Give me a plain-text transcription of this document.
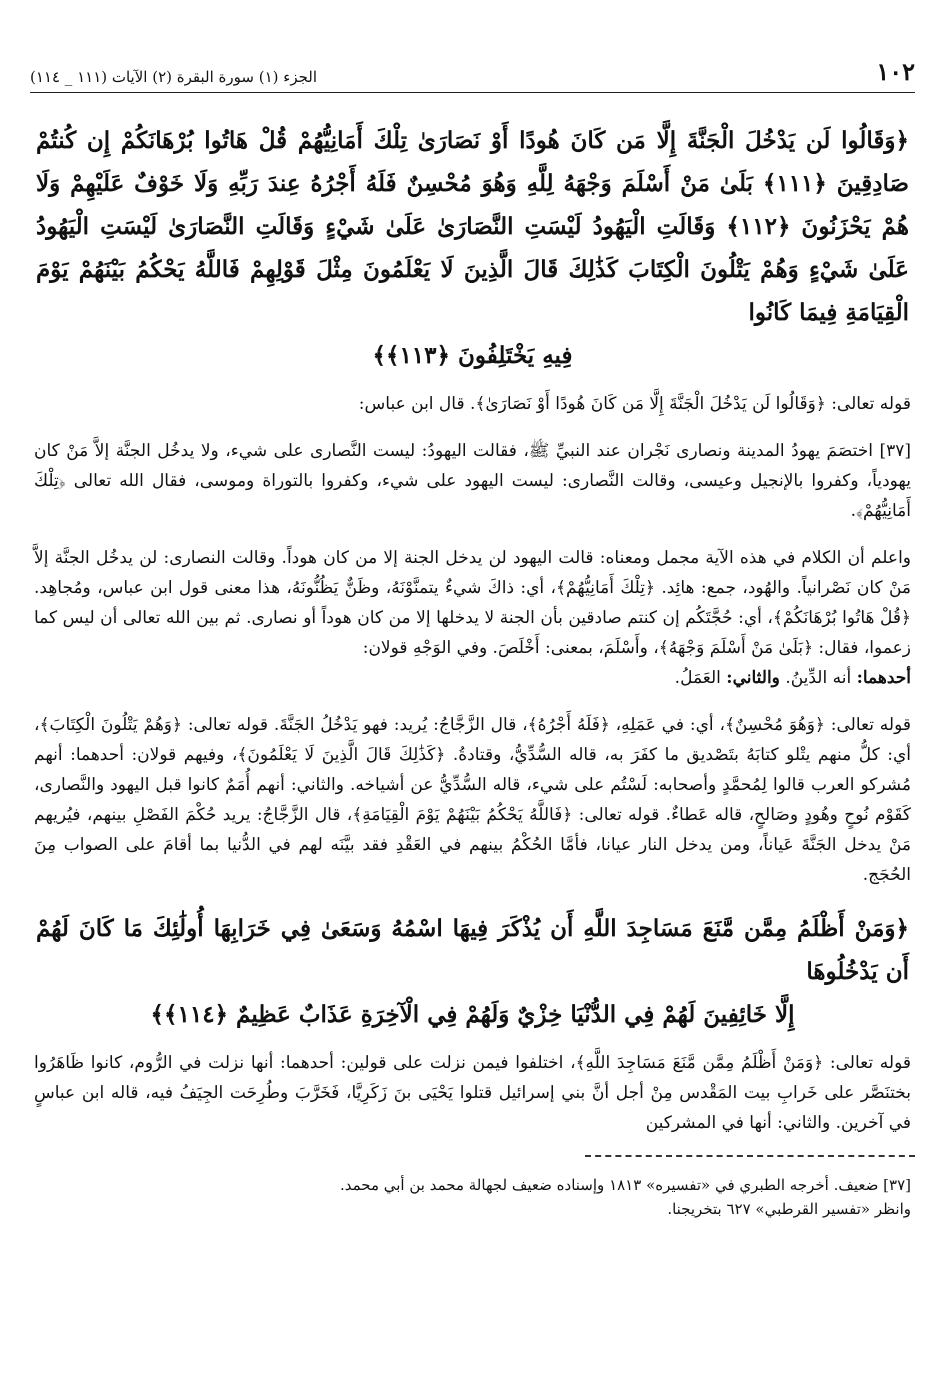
١٠٢
الجزء (١) سورة البقرة (٢) الآيات (١١١ _ ١١٤)
﴿وَقَالُوا لَن يَدْخُلَ الْجَنَّةَ إِلَّا مَن كَانَ هُودًا أَوْ نَصَارَىٰ تِلْكَ أَمَانِيُّهُمْ قُلْ هَاتُوا بُرْهَانَكُمْ إِن كُنتُمْ صَادِقِينَ ﴿١١١﴾ بَلَىٰ مَنْ أَسْلَمَ وَجْهَهُ لِلَّهِ وَهُوَ مُحْسِنٌ فَلَهُ أَجْرُهُ عِندَ رَبِّهِ وَلَا خَوْفٌ عَلَيْهِمْ وَلَا هُمْ يَحْزَنُونَ ﴿١١٢﴾ وَقَالَتِ الْيَهُودُ لَيْسَتِ النَّصَارَىٰ عَلَىٰ شَيْءٍ وَقَالَتِ النَّصَارَىٰ لَيْسَتِ الْيَهُودُ عَلَىٰ شَيْءٍ وَهُمْ يَتْلُونَ الْكِتَابَ كَذَٰلِكَ قَالَ الَّذِينَ لَا يَعْلَمُونَ مِثْلَ قَوْلِهِمْ فَاللَّهُ يَحْكُمُ بَيْنَهُمْ يَوْمَ الْقِيَامَةِ فِيمَا كَانُوا
فِيهِ يَخْتَلِفُونَ ﴿١١٣﴾﴾

قوله تعالى: ﴿وَقَالُوا لَن يَدْخُلَ الْجَنَّةَ إِلَّا مَن كَانَ هُودًا أَوْ نَصَارَىٰ﴾. قال ابن عباس:

[٣٧] اختصَمَ يهودُ المدينة ونصارى نَجْران عند النبيِّ ﷺ، فقالت اليهودُ: ليست النَّصارى على شيء، ولا يدخُل الجنَّة إلاَّ مَنْ كان يهودياً، وكفروا بالإنجيل وعيسى، وقالت النَّصارى: ليست اليهود على شيء، وكفروا بالتوراة وموسى، فقال الله تعالى ﴿تِلْكَ أَمَانِيُّهُمْ﴾.

واعلم أن الكلام في هذه الآية مجمل ومعناه: قالت اليهود لن يدخل الجنة إلا من كان هوداً. وقالت النصارى: لن يدخُل الجنَّة إلاَّ مَنْ كان نَصْرانياً. والهُود، جمع: هائِد. ﴿تِلْكَ أَمَانِيُّهُمْ﴾، أي: ذاكَ شيءٌ يتمنَّوْنَهُ، وظَنٌّ يَظُنُّونَهُ، هذا معنى قول ابن عباس، ومُجاهِد. ﴿قُلْ هَاتُوا بُرْهَانَكُمْ﴾، أي: حُجَّتَكُم إن كنتم صادقين بأن الجنة لا يدخلها إلا من كان هوداً أو نصارى. ثم بين الله تعالى أن ليس كما زعموا، فقال: ﴿بَلَىٰ مَنْ أَسْلَمَ وَجْهَهُ﴾، وأَسْلَمَ، بمعنى: أَخْلَصَ. وفي الوَجْهِ قولان:

أحدهما: أنه الدِّينُ. والثاني: العَمَلُ.

قوله تعالى: ﴿وَهُوَ مُحْسِنٌ﴾، أي: في عَمَلِهِ، ﴿فَلَهُ أَجْرُهُ﴾، قال الزَّجَّاجُ: يُريد: فهو يَدْخُلُ الجَنَّةَ. قوله تعالى: ﴿وَهُمْ يَتْلُونَ الْكِتَابَ﴾، أي: كلُّ منهم يتْلو كتابَهُ بتَصْديق ما كفَرَ به، قاله السُّدِّيُّ، وقتادةُ. ﴿كَذَٰلِكَ قَالَ الَّذِينَ لَا يَعْلَمُونَ﴾، وفيهم قولان: أحدهما: أنهم مُشركو العرب قالوا لِمُحمَّدٍ وأصحابه: لَسْتُم على شيء، قاله السُّدِّيُّ عن أشياخه. والثاني: أنهم أُمَمٌ كانوا قبل اليهود والنَّصارى، كَقَوْم نُوحٍ وهُودٍ وصَالحٍ، قاله عَطاءٌ. قوله تعالى: ﴿فَاللَّهُ يَحْكُمُ بَيْنَهُمْ يَوْمَ الْقِيَامَةِ﴾، قال الزَّجَّاجُ: يريد حُكْمَ الفَصْلِ بينهم، فيُريهم مَنْ يدخل الجَنَّةَ عَياناً، ومن يدخل النار عيانا، فأمَّا الحُكْمُ بينهم في العَقْدِ فقد بيَّنَه لهم في الدُّنيا بما أقامَ على الصواب مِنَ الحُجَج.

﴿وَمَنْ أَظْلَمُ مِمَّن مَّنَعَ مَسَاجِدَ اللَّهِ أَن يُذْكَرَ فِيهَا اسْمُهُ وَسَعَىٰ فِي خَرَابِهَا أُولَٰئِكَ مَا كَانَ لَهُمْ أَن يَدْخُلُوهَا
إِلَّا خَائِفِينَ لَهُمْ فِي الدُّنْيَا خِزْيٌ وَلَهُمْ فِي الْآخِرَةِ عَذَابٌ عَظِيمٌ ﴿١١٤﴾﴾

قوله تعالى: ﴿وَمَنْ أَظْلَمُ مِمَّن مَّنَعَ مَسَاجِدَ اللَّهِ﴾، اختلفوا فيمن نزلت على قولين: أحدهما: أنها نزلت في الرُّوم، كانوا ظَاهَرُوا بختنَصَّر على خَرابِ بيت المَقْدس مِنْ أجل أنَّ بني إسرائيل قتلوا يَحْيَى بنَ زَكَرِيَّا، فَخَرَّبَ وطُرِحَت الجِيَفُ فيه، قاله ابن عباسٍ في آخرين. والثاني: أنها في المشركين

[٣٧] ضعيف. أخرجه الطبري في «تفسيره» ١٨١٣ وإسناده ضعيف لجهالة محمد بن أبي محمد.

وانظر «تفسير القرطبي» ٦٢٧ بتخريجنا.
